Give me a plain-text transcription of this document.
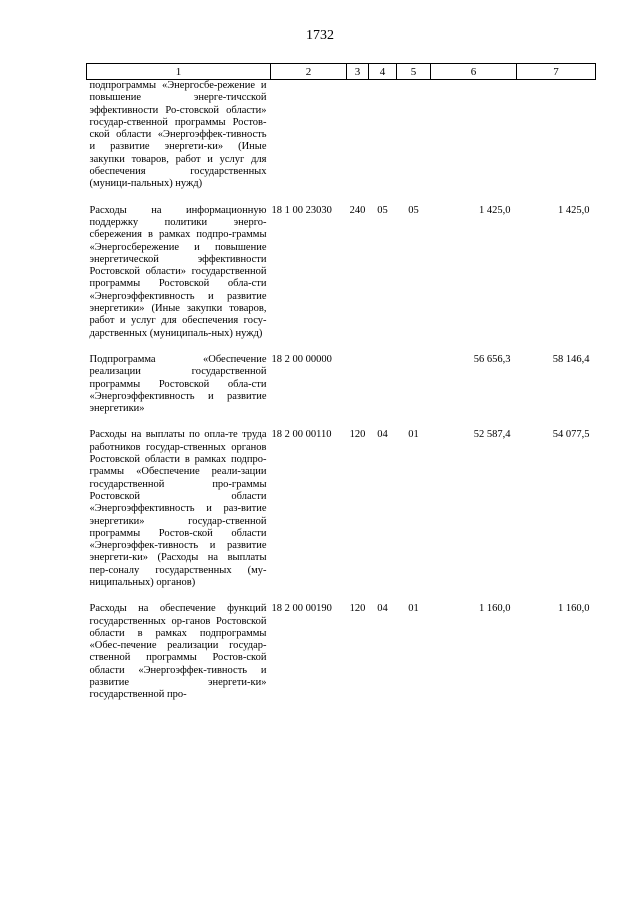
1732
1	2	3	4	5	6	7
подпрограммы «Энергосбе-режение и повышение энерге-тичсской эффективности Ро-стовской области» государ-ственной программы Ростов-ской области «Энергоэффек-тивность и развитие энергети-ки» (Иные закупки товаров, работ и услуг для обеспечения государственных (муници-пальных) нужд)						
Расходы на информационную поддержку политики энерго-сбережения в рамках подпро-граммы «Энергосбережение и повышение энергетической эффективности Ростовской области» государственной программы Ростовской обла-сти «Энергоэффективность и развитие энергетики» (Иные закупки товаров, работ и услуг для обеспечения госу-дарственных (муниципаль-ных) нужд)	18 1 00 23030	240	05	05	1 425,0	1 425,0
Подпрограмма «Обеспечение реализации государственной программы Ростовской обла-сти «Энергоэффективность и развитие энергетики»	18 2 00 00000				56 656,3	58 146,4
Расходы на выплаты по опла-те труда работников государ-ственных органов Ростовской области в рамках подпро-граммы «Обеспечение реали-зации государственной про-граммы Ростовской области «Энергоэффективность и раз-витие энергетики» государ-ственной программы Ростов-ской области «Энергоэффек-тивность и развитие энергети-ки» (Расходы на выплаты пер-соналу государственных (му-ниципальных) органов)	18 2 00 00110	120	04	01	52 587,4	54 077,5
Расходы на обеспечение функций государственных ор-ганов Ростовской области в рамках подпрограммы «Обес-печение реализации государ-ственной программы Ростов-ской области «Энергоэффек-тивность и развитие энергети-ки» государственной про-	18 2 00 00190	120	04	01	1 160,0	1 160,0
